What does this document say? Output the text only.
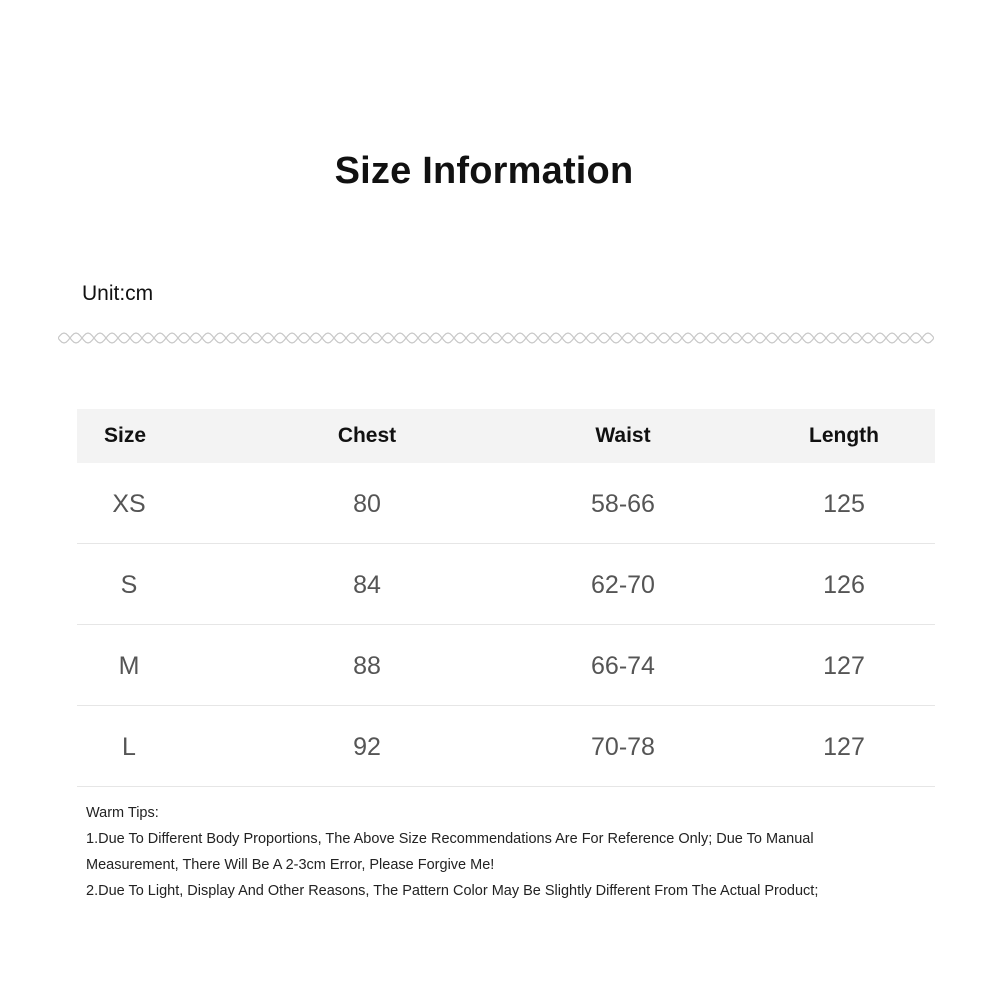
Size Information
Unit:cm
Size	Chest	Waist	Length
XS	80	58-66	125
S	84	62-70	126
M	88	66-74	127
L	92	70-78	127
Warm Tips:
1.Due To Different Body Proportions, The Above Size Recommendations Are For Reference Only; Due To Manual
Measurement, There Will Be A 2-3cm Error, Please Forgive Me!
2.Due To Light, Display And Other Reasons, The Pattern Color May Be Slightly Different From The Actual Product;
